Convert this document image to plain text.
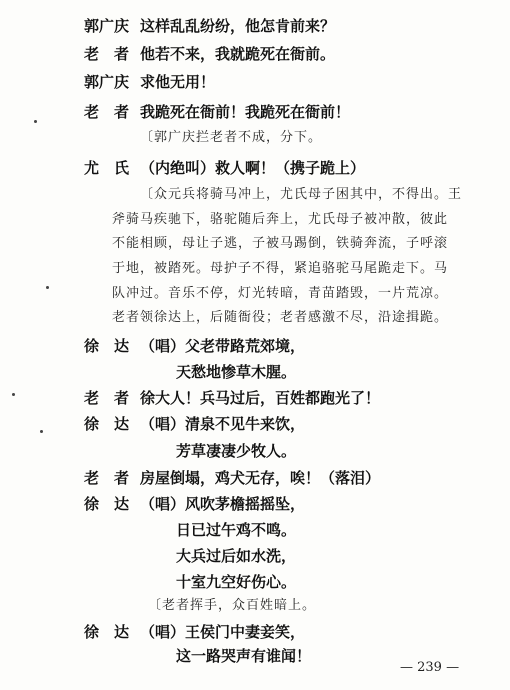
郭广庆 这样乱乱纷纷，他怎肯前来？
老　者 他若不来，我就跪死在衙前。
郭广庆 求他无用！
老　者 我跪死在衙前！我跪死在衙前！
〔郭广庆拦老者不成，分下。
尤　氏 （内绝叫）救人啊！（携子跪上）
〔众元兵将骑马冲上，尤氏母子困其中，不得出。王
斧骑马疾驰下，骆驼随后奔上，尤氏母子被冲散，彼此
不能相顾，母让子逃，子被马踢倒，铁骑奔流，子呼滚
于地，被踏死。母护子不得，紧追骆驼马尾跪走下。马
队冲过。音乐不停，灯光转暗，青苗踏毁，一片荒凉。
老者领徐达上，后随衙役；老者感激不尽，沿途揖跪。
徐　达 （唱）父老带路荒郊境，
天愁地惨草木腥。
老　者 徐大人！兵马过后，百姓都跑光了！
徐　达 （唱）清泉不见牛来饮，
芳草凄凄少牧人。
老　者 房屋倒塌，鸡犬无存，唉！（落泪）
徐　达 （唱）风吹茅檐摇摇坠，
日已过午鸡不鸣。
大兵过后如水洗，
十室九空好伤心。
〔老者挥手，众百姓暗上。
徐　达 （唱）王侯门中妻妾笑，
这一路哭声有谁闻！
— 239 —
